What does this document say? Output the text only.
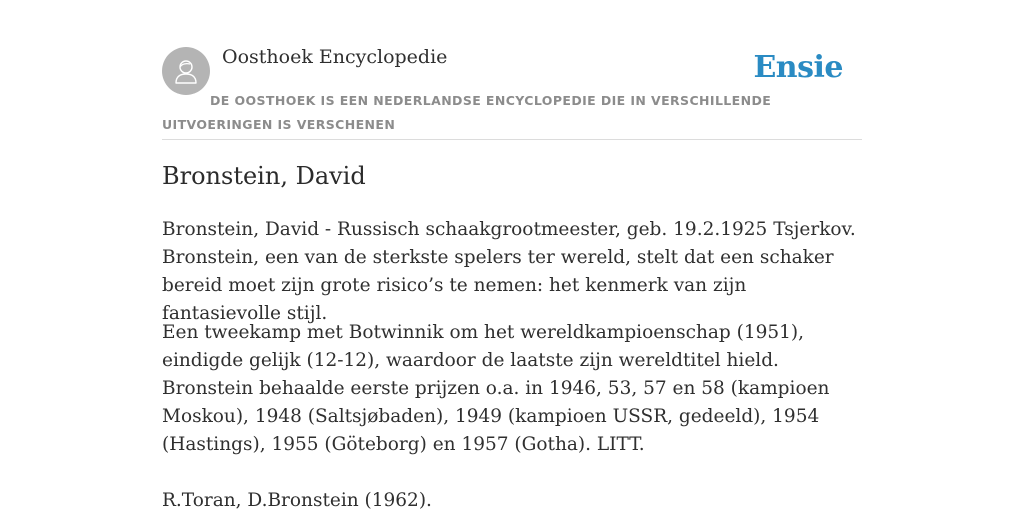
Oosthoek Encyclopedie	Ensie
DE OOSTHOEK IS EEN NEDERLANDSE ENCYCLOPEDIE DIE IN VERSCHILLENDE UITVOERINGEN IS VERSCHENEN
Bronstein, David

Bronstein, David - Russisch schaakgrootmeester, geb. 19.2.1925 Tsjerkov. Bronstein, een van de sterkste spelers ter wereld, stelt dat een schaker bereid moet zijn grote risico’s te nemen: het kenmerk van zijn fantasievolle stijl.

Een tweekamp met Botwinnik om het wereldkampioenschap (1951), eindigde gelijk (12-12), waardoor de laatste zijn wereldtitel hield. Bronstein behaalde eerste prijzen o.a. in 1946, 53, 57 en 58 (kampioen Moskou), 1948 (Saltsjøbaden), 1949 (kampioen USSR, gedeeld), 1954 (Hastings), 1955 (Göteborg) en 1957 (Gotha). LITT.

R.Toran, D.Bronstein (1962).
